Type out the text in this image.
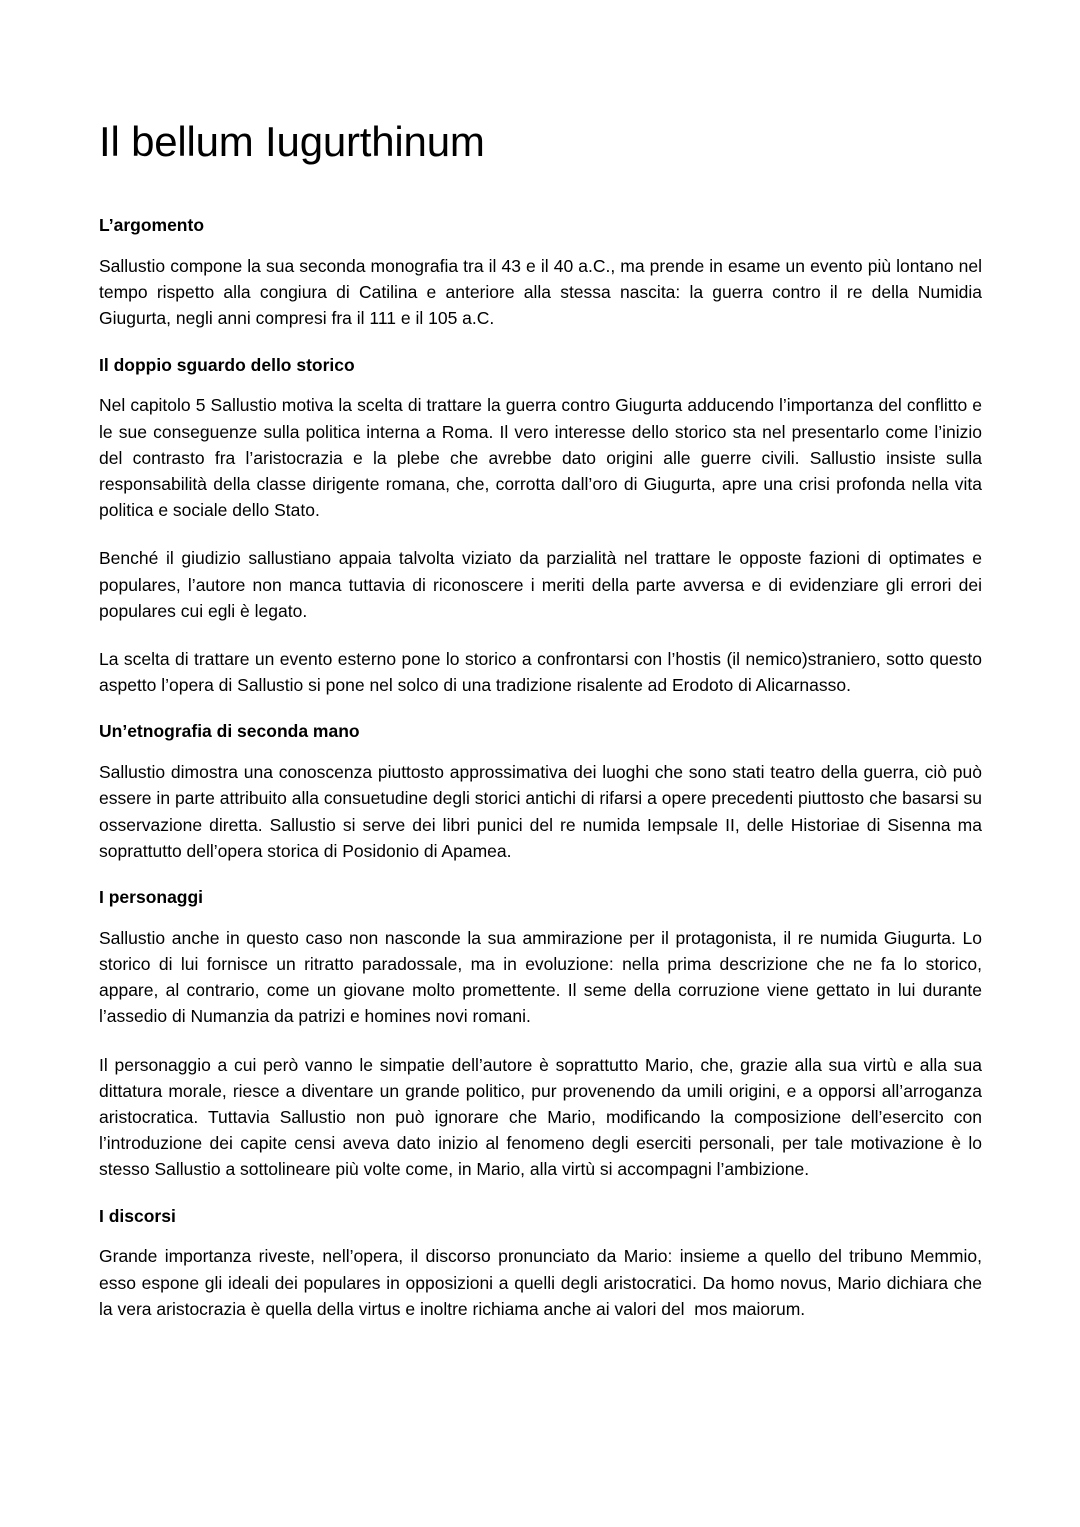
Il bellum Iugurthinum
L’argomento

Sallustio compone la sua seconda monografia tra il 43 e il 40 a.C., ma prende in esame un evento più lontano nel tempo rispetto alla congiura di Catilina e anteriore alla stessa nascita: la guerra contro il re della Numidia Giugurta, negli anni compresi fra il 111 e il 105 a.C.

Il doppio sguardo dello storico

Nel capitolo 5 Sallustio motiva la scelta di trattare la guerra contro Giugurta adducendo l’importanza del conflitto e le sue conseguenze sulla politica interna a Roma. Il vero interesse dello storico sta nel presentarlo come l’inizio del contrasto fra l’aristocrazia e la plebe che avrebbe dato origini alle guerre civili. Sallustio insiste sulla responsabilità della classe dirigente romana, che, corrotta dall’oro di Giugurta, apre una crisi profonda nella vita politica e sociale dello Stato.

Benché il giudizio sallustiano appaia talvolta viziato da parzialità nel trattare le opposte fazioni di optimates e populares, l’autore non manca tuttavia di riconoscere i meriti della parte avversa e di evidenziare gli errori dei populares cui egli è legato.

La scelta di trattare un evento esterno pone lo storico a confrontarsi con l’hostis (il nemico)straniero, sotto questo aspetto l’opera di Sallustio si pone nel solco di una tradizione risalente ad Erodoto di Alicarnasso.

Un’etnografia di seconda mano

Sallustio dimostra una conoscenza piuttosto approssimativa dei luoghi che sono stati teatro della guerra, ciò può essere in parte attribuito alla consuetudine degli storici antichi di rifarsi a opere precedenti piuttosto che basarsi su osservazione diretta. Sallustio si serve dei libri punici del re numida Iempsale II, delle Historiae di Sisenna ma soprattutto dell’opera storica di Posidonio di Apamea.

I personaggi

Sallustio anche in questo caso non nasconde la sua ammirazione per il protagonista, il re numida Giugurta. Lo storico di lui fornisce un ritratto paradossale, ma in evoluzione: nella prima descrizione che ne fa lo storico, appare, al contrario, come un giovane molto promettente. Il seme della corruzione viene gettato in lui durante l’assedio di Numanzia da patrizi e homines novi romani.

Il personaggio a cui però vanno le simpatie dell’autore è soprattutto Mario, che, grazie alla sua virtù e alla sua dittatura morale, riesce a diventare un grande politico, pur provenendo da umili origini, e a opporsi all’arroganza aristocratica. Tuttavia Sallustio non può ignorare che Mario, modificando la composizione dell’esercito con l’introduzione dei capite censi aveva dato inizio al fenomeno degli eserciti personali, per tale motivazione è lo stesso Sallustio a sottolineare più volte come, in Mario, alla virtù si accompagni l’ambizione.

I discorsi

Grande importanza riveste, nell’opera, il discorso pronunciato da Mario: insieme a quello del tribuno Memmio, esso espone gli ideali dei populares in opposizioni a quelli degli aristocratici. Da homo novus, Mario dichiara che la vera aristocrazia è quella della virtus e inoltre richiama anche ai valori del  mos maiorum.
